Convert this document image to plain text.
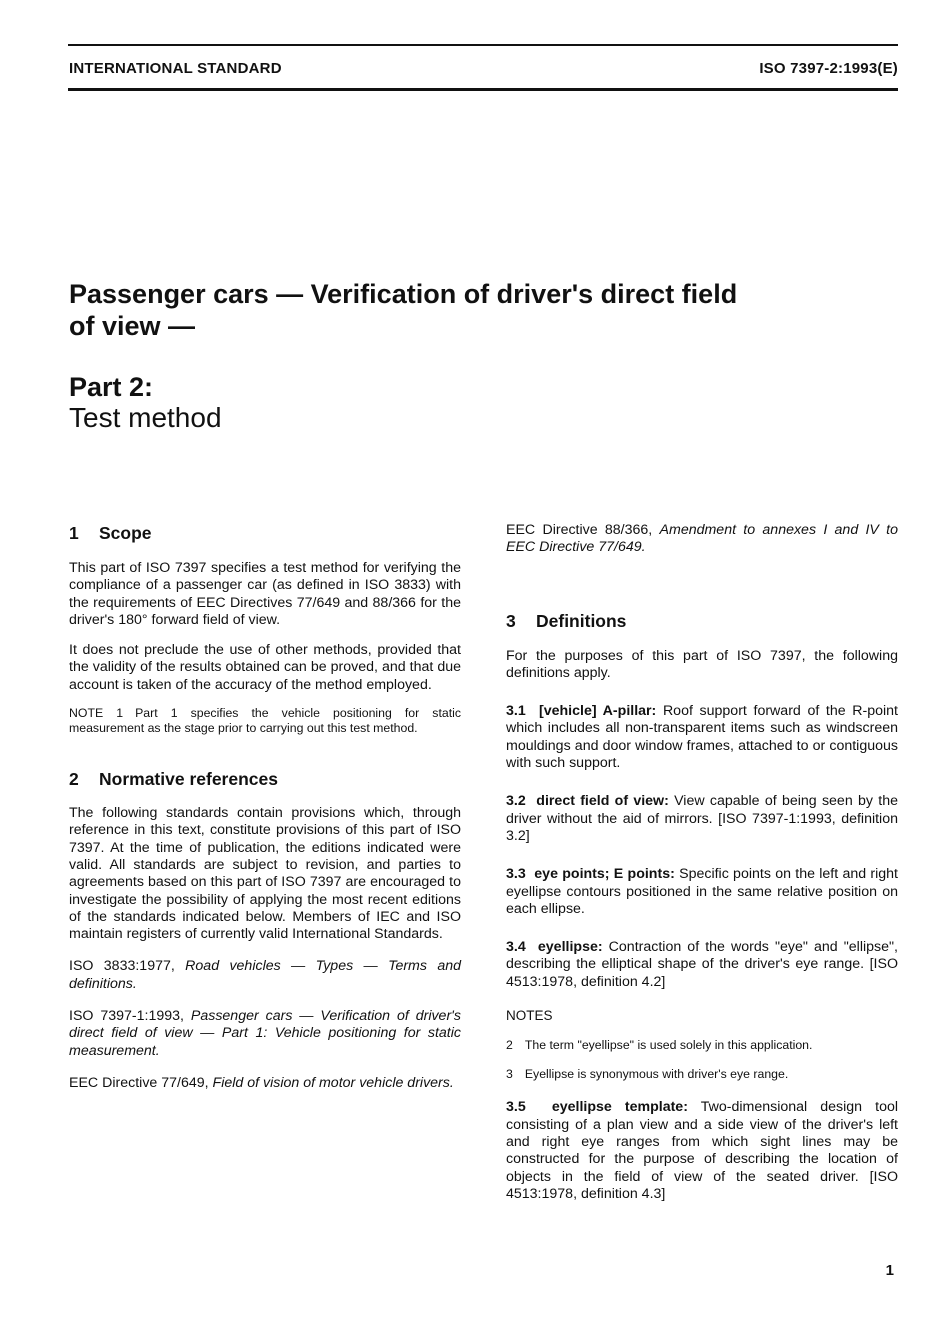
INTERNATIONAL STANDARD	ISO 7397-2:1993(E)
Passenger cars — Verification of driver's direct field
of view —
Part 2:
Test method
1 Scope

This part of ISO 7397 specifies a test method for verifying the compliance of a passenger car (as defined in ISO 3833) with the requirements of EEC Directives 77/649 and 88/366 for the driver's 180° forward field of view.

It does not preclude the use of other methods, provided that the validity of the results obtained can be proved, and that due account is taken of the accuracy of the method employed.

NOTE 1 Part 1 specifies the vehicle positioning for static measurement as the stage prior to carrying out this test method.

2 Normative references

The following standards contain provisions which, through reference in this text, constitute provisions of this part of ISO 7397. At the time of publication, the editions indicated were valid. All standards are subject to revision, and parties to agreements based on this part of ISO 7397 are encouraged to investigate the possibility of applying the most recent editions of the standards indicated below. Members of IEC and ISO maintain registers of currently valid International Standards.

ISO 3833:1977, Road vehicles — Types — Terms and definitions.

ISO 7397-1:1993, Passenger cars — Verification of driver's direct field of view — Part 1: Vehicle positioning for static measurement.

EEC Directive 77/649, Field of vision of motor vehicle drivers.

EEC Directive 88/366, Amendment to annexes I and IV to EEC Directive 77/649.

3 Definitions

For the purposes of this part of ISO 7397, the following definitions apply.

3.1 [vehicle] A-pillar: Roof support forward of the R-point which includes all non-transparent items such as windscreen mouldings and door window frames, attached to or contiguous with such support.

3.2 direct field of view: View capable of being seen by the driver without the aid of mirrors. [ISO 7397-1:1993, definition 3.2]

3.3 eye points; E points: Specific points on the left and right eyellipse contours positioned in the same relative position on each ellipse.

3.4 eyellipse: Contraction of the words "eye" and "ellipse", describing the elliptical shape of the driver's eye range. [ISO 4513:1978, definition 4.2]

NOTES

2 The term "eyellipse" is used solely in this application.

3 Eyellipse is synonymous with driver's eye range.

3.5 eyellipse template: Two-dimensional design tool consisting of a plan view and a side view of the driver's left and right eye ranges from which sight lines may be constructed for the purpose of describing the location of objects in the field of view of the seated driver. [ISO 4513:1978, definition 4.3]

1
